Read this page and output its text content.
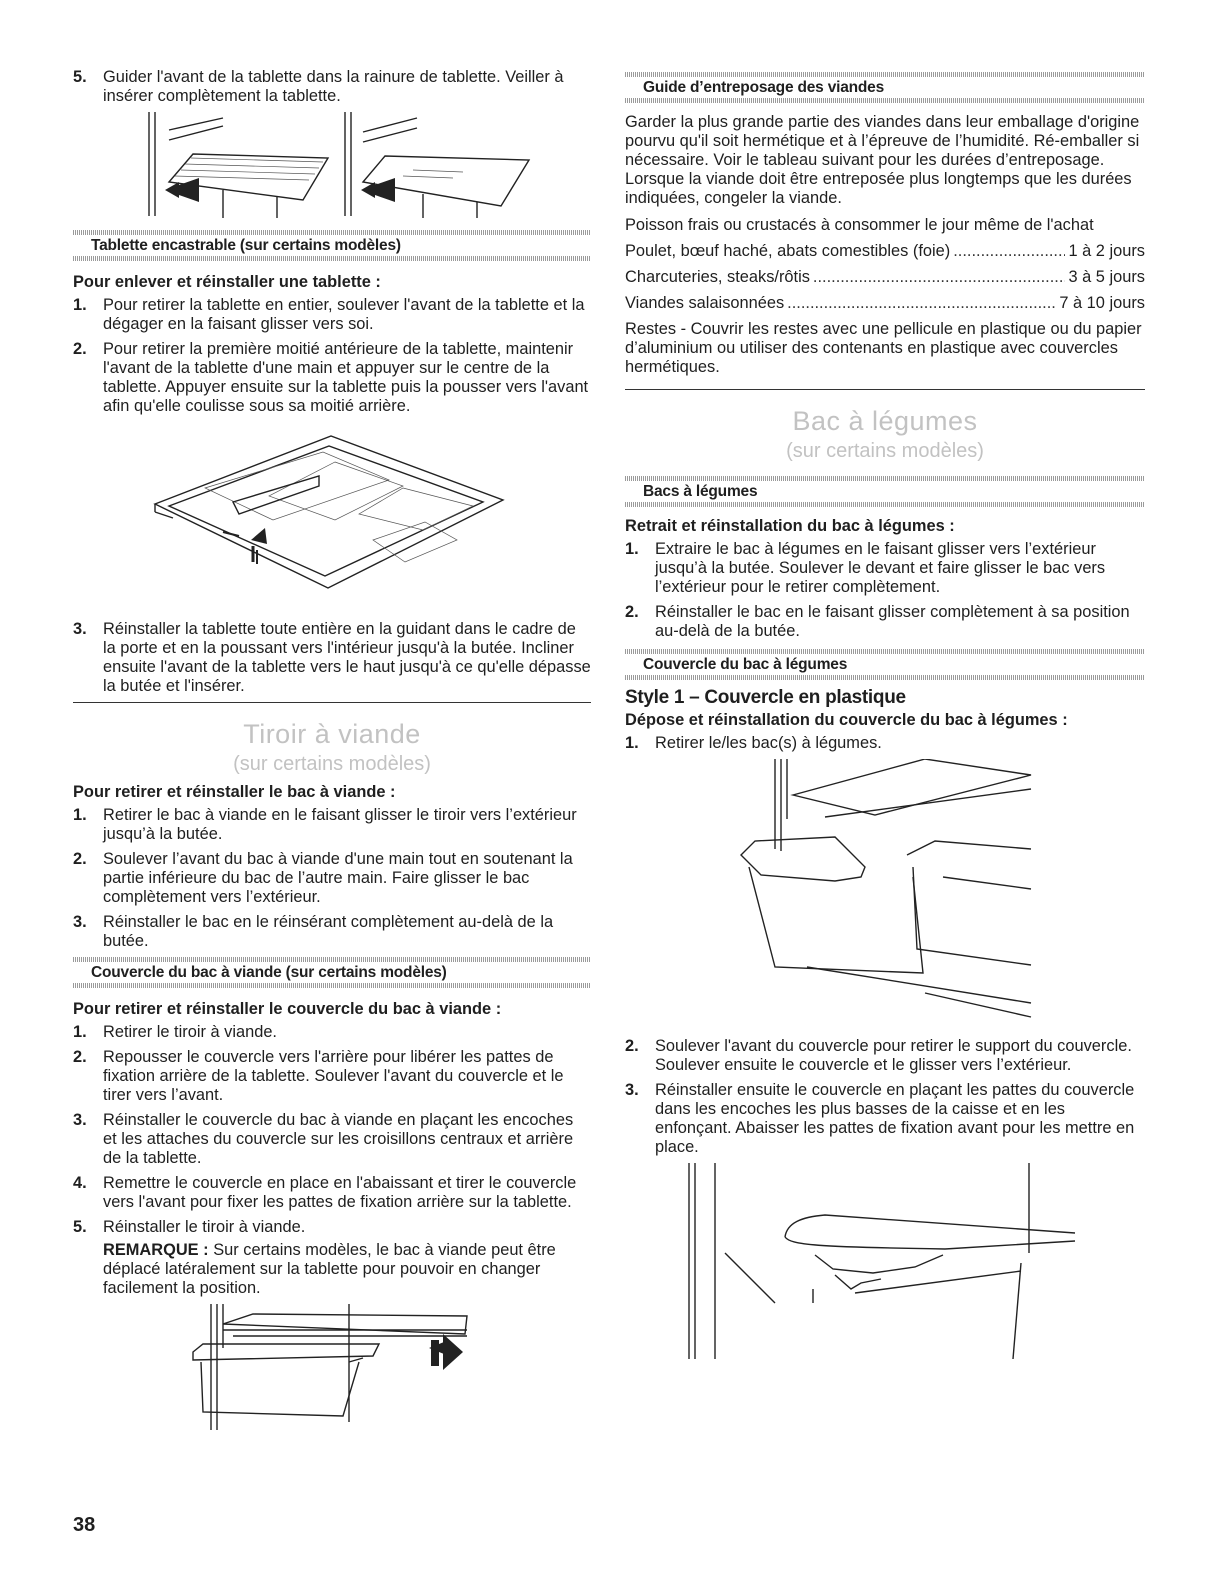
5. Guider l'avant de la tablette dans la rainure de tablette. Veiller à insérer complètement la tablette.
Tablette encastrable (sur certains modèles)
Pour enlever et réinstaller une tablette :
1. Pour retirer la tablette en entier, soulever l'avant de la tablette et la dégager en la faisant glisser vers soi.
2. Pour retirer la première moitié antérieure de la tablette, maintenir l'avant de la tablette d'une main et appuyer sur le centre de la tablette. Appuyer ensuite sur la tablette puis la pousser vers l'avant afin qu'elle coulisse sous sa moitié arrière.
3. Réinstaller la tablette toute entière en la guidant dans le cadre de la porte et en la poussant vers l'intérieur jusqu'à la butée. Incliner ensuite l'avant de la tablette vers le haut jusqu'à ce qu'elle dépasse la butée et l'insérer.
Tiroir à viande
(sur certains modèles)
Pour retirer et réinstaller le bac à viande :
1. Retirer le bac à viande en le faisant glisser le tiroir vers l’extérieur jusqu’à la butée.
2. Soulever l’avant du bac à viande d'une main tout en soutenant la partie inférieure du bac de l’autre main. Faire glisser le bac complètement vers l’extérieur.
3. Réinstaller le bac en le réinsérant complètement au-delà de la butée.
Couvercle du bac à viande (sur certains modèles)
Pour retirer et réinstaller le couvercle du bac à viande :
1. Retirer le tiroir à viande.
2. Repousser le couvercle vers l'arrière pour libérer les pattes de fixation arrière de la tablette. Soulever l'avant du couvercle et le tirer vers l’avant.
3. Réinstaller le couvercle du bac à viande en plaçant les encoches et les attaches du couvercle sur les croisillons centraux et arrière de la tablette.
4. Remettre le couvercle en place en l'abaissant et tirer le couvercle vers l'avant pour fixer les pattes de fixation arrière sur la tablette.
5. Réinstaller le tiroir à viande.

REMARQUE : Sur certains modèles, le bac à viande peut être déplacé latéralement sur la tablette pour pouvoir en changer facilement la position.

Guide d’entreposage des viandes

Garder la plus grande partie des viandes dans leur emballage d'origine pourvu qu'il soit hermétique et à l’épreuve de l’humidité. Ré-emballer si nécessaire. Voir le tableau suivant pour les durées d’entreposage. Lorsque la viande doit être entreposée plus longtemps que les durées indiquées, congeler la viande.

Poisson frais ou crustacés à consommer le jour même de l'achat

Poulet, bœuf haché, abats comestibles (foie) .....	1 à 2 jours
Charcuteries, steaks/rôtis .....	3 à 5 jours
Viandes salaisonnées .....	7 à 10 jours

Restes - Couvrir les restes avec une pellicule en plastique ou du papier d’aluminium ou utiliser des contenants en plastique avec couvercles hermétiques.

Bac à légumes
(sur certains modèles)
Bacs à légumes
Retrait et réinstallation du bac à légumes :
1. Extraire le bac à légumes en le faisant glisser vers l’extérieur jusqu’à la butée. Soulever le devant et faire glisser le bac vers l’extérieur pour le retirer complètement.
2. Réinstaller le bac en le faisant glisser complètement à sa position au-delà de la butée.
Couvercle du bac à légumes
Style 1 – Couvercle en plastique
Dépose et réinstallation du couvercle du bac à légumes :
1. Retirer le/les bac(s) à légumes.
2. Soulever l'avant du couvercle pour retirer le support du couvercle. Soulever ensuite le couvercle et le glisser vers l’extérieur.
3. Réinstaller ensuite le couvercle en plaçant les pattes du couvercle dans les encoches les plus basses de la caisse et en les enfonçant. Abaisser les pattes de fixation avant pour les mettre en place.
38
